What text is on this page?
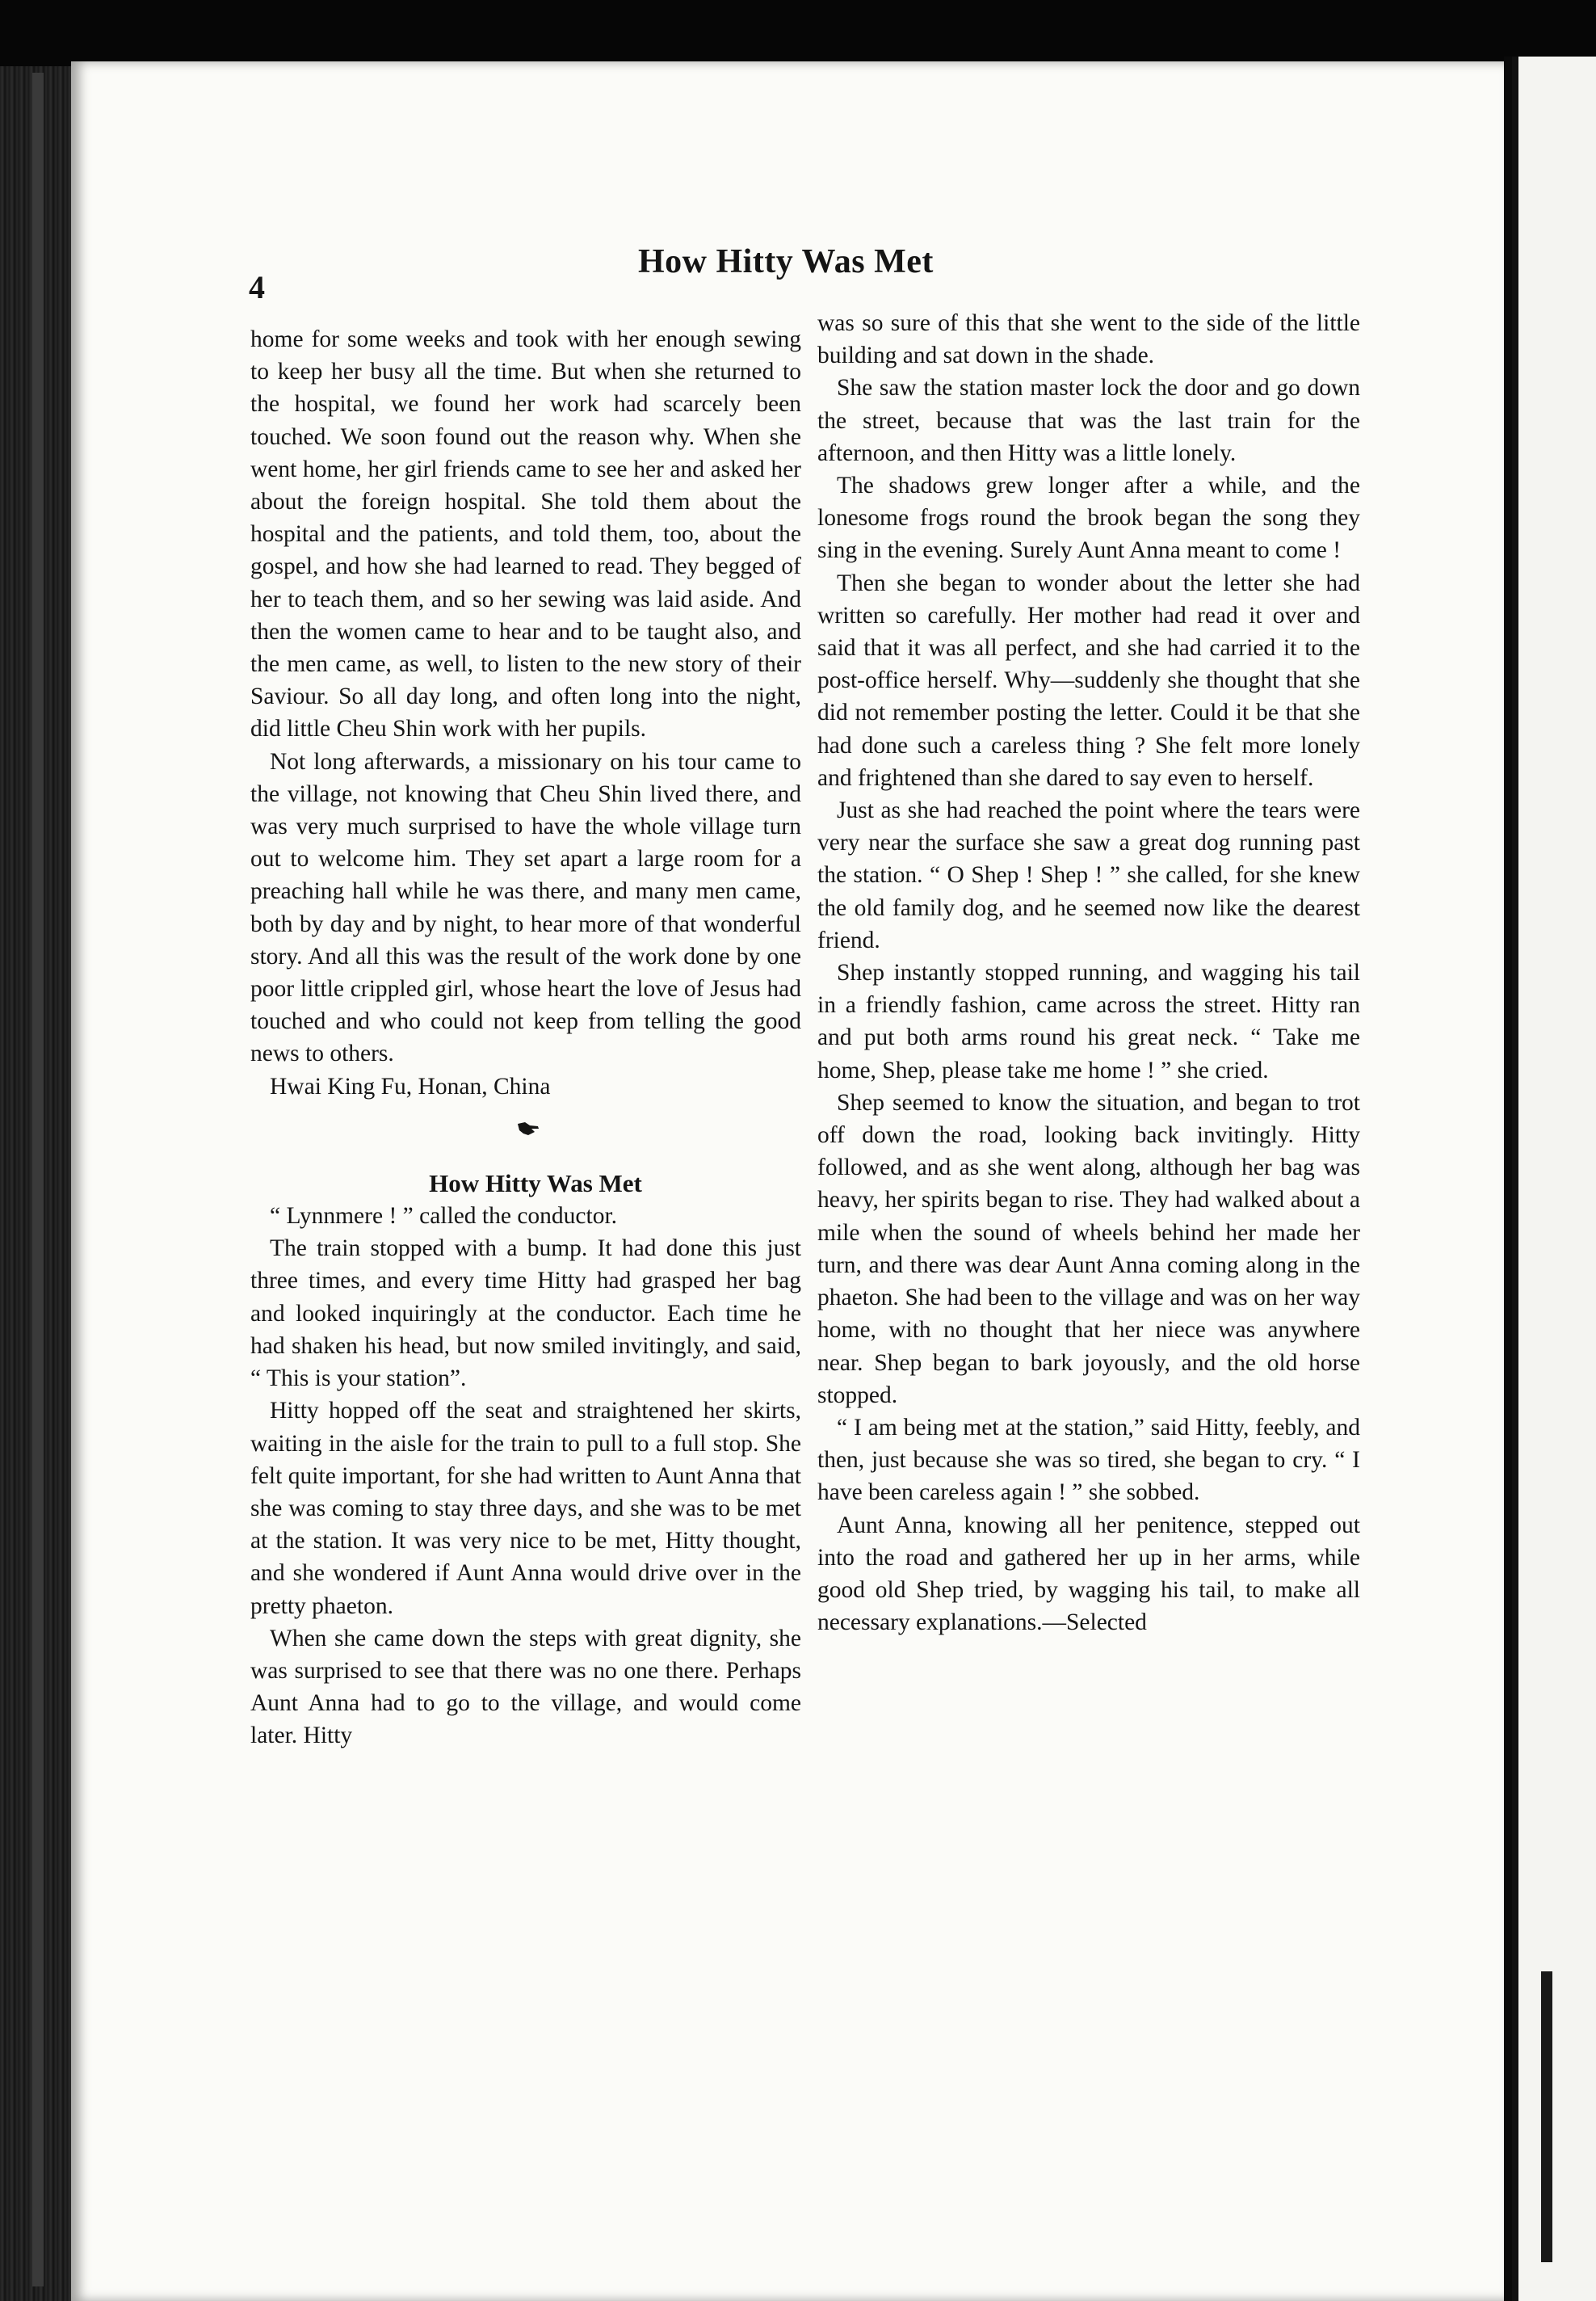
4
How Hitty Was Met

home for some weeks and took with her enough sewing to keep her busy all the time. But when she returned to the hospital, we found her work had scarcely been touched. We soon found out the reason why. When she went home, her girl friends came to see her and asked her about the foreign hospital. She told them about the hospital and the patients, and told them, too, about the gospel, and how she had learned to read. They begged of her to teach them, and so her sewing was laid aside. And then the women came to hear and to be taught also, and the men came, as well, to listen to the new story of their Saviour. So all day long, and often long into the night, did little Cheu Shin work with her pupils.

Not long afterwards, a missionary on his tour came to the village, not knowing that Cheu Shin lived there, and was very much surprised to have the whole village turn out to welcome him. They set apart a large room for a preaching hall while he was there, and many men came, both by day and by night, to hear more of that wonderful story. And all this was the result of the work done by one poor little crippled girl, whose heart the love of Jesus had touched and who could not keep from telling the good news to others.

Hwai King Fu, Honan, China

How Hitty Was Met

“ Lynnmere ! ” called the conductor.

The train stopped with a bump. It had done this just three times, and every time Hitty had grasped her bag and looked inquiringly at the conductor. Each time he had shaken his head, but now smiled invitingly, and said, “ This is your station”.

Hitty hopped off the seat and straightened her skirts, waiting in the aisle for the train to pull to a full stop. She felt quite important, for she had written to Aunt Anna that she was coming to stay three days, and she was to be met at the station. It was very nice to be met, Hitty thought, and she wondered if Aunt Anna would drive over in the pretty phaeton.

When she came down the steps with great dignity, she was surprised to see that there was no one there. Perhaps Aunt Anna had to go to the village, and would come later. Hitty

was so sure of this that she went to the side of the little building and sat down in the shade.

She saw the station master lock the door and go down the street, because that was the last train for the afternoon, and then Hitty was a little lonely.

The shadows grew longer after a while, and the lonesome frogs round the brook began the song they sing in the evening. Surely Aunt Anna meant to come !

Then she began to wonder about the letter she had written so carefully. Her mother had read it over and said that it was all perfect, and she had carried it to the post-office herself. Why—suddenly she thought that she did not remember posting the letter. Could it be that she had done such a careless thing ? She felt more lonely and frightened than she dared to say even to herself.

Just as she had reached the point where the tears were very near the surface she saw a great dog running past the station. “ O Shep ! Shep ! ” she called, for she knew the old family dog, and he seemed now like the dearest friend.

Shep instantly stopped running, and wagging his tail in a friendly fashion, came across the street. Hitty ran and put both arms round his great neck. “ Take me home, Shep, please take me home ! ” she cried.

Shep seemed to know the situation, and began to trot off down the road, looking back invitingly. Hitty followed, and as she went along, although her bag was heavy, her spirits began to rise. They had walked about a mile when the sound of wheels behind her made her turn, and there was dear Aunt Anna coming along in the phaeton. She had been to the village and was on her way home, with no thought that her niece was anywhere near. Shep began to bark joyously, and the old horse stopped.

“ I am being met at the station,” said Hitty, feebly, and then, just because she was so tired, she began to cry. “ I have been careless again ! ” she sobbed.

Aunt Anna, knowing all her penitence, stepped out into the road and gathered her up in her arms, while good old Shep tried, by wagging his tail, to make all necessary explanations.—Selected
